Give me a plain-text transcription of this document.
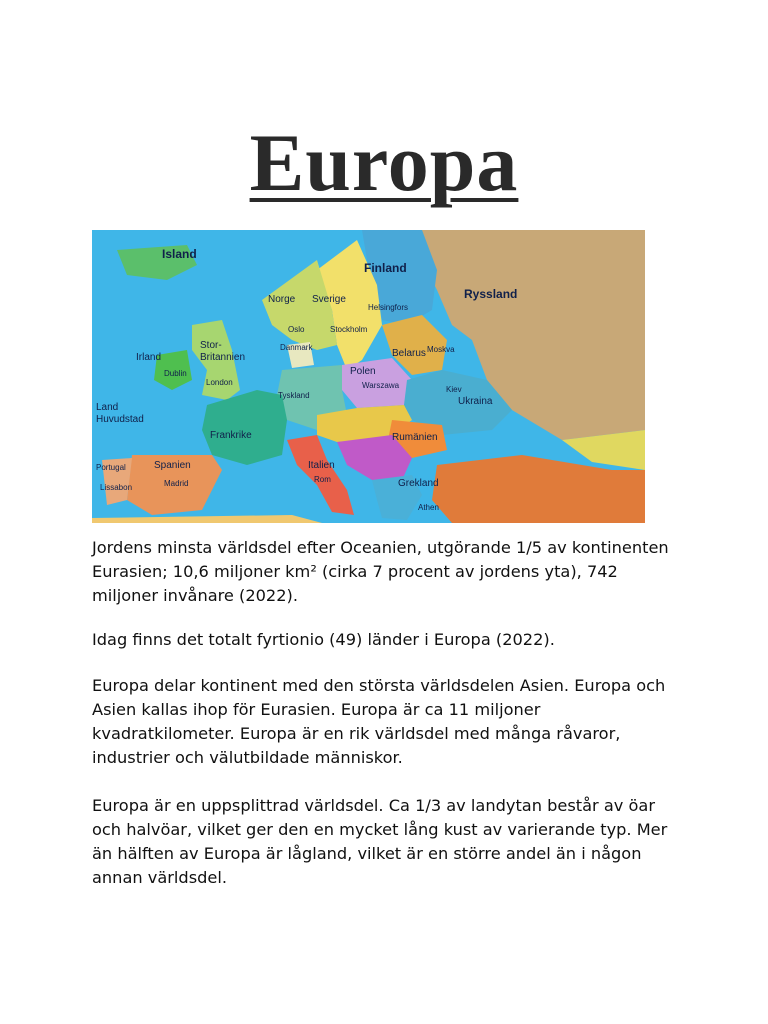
Europa
Island
Finland
Ryssland
Norge Sverige
Helsingfors
Oslo	Stockholm
Stor-
Britannien
Danmark
Belarus Moskva
Irland
Dublin	Polen
London	Warszawa	Kiev
Tyskland
Land
Huvudstad
Ukraina
Frankrike	Rumänien
Spanien
Portugal	Italien
Madrid
Lissabon
Rom	Grekland
Athen

Jordens minsta världsdel efter Oceanien, utgörande 1/5 av kontinenten Eurasien; 10,6 miljoner km² (cirka 7 procent av jordens yta), 742 miljoner invånare (2022).

Idag finns det totalt fyrtionio (49) länder i Europa (2022).

Europa delar kontinent med den största världsdelen Asien. Europa och Asien kallas ihop för Eurasien. Europa är ca 11 miljoner kvadratkilometer. Europa är en rik världsdel med många råvaror, industrier och välutbildade människor.

Europa är en uppsplittrad världsdel. Ca 1/3 av landytan består av öar och halvöar, vilket ger den en mycket lång kust av varierande typ. Mer än hälften av Europa är lågland, vilket är en större andel än i någon annan världsdel.
